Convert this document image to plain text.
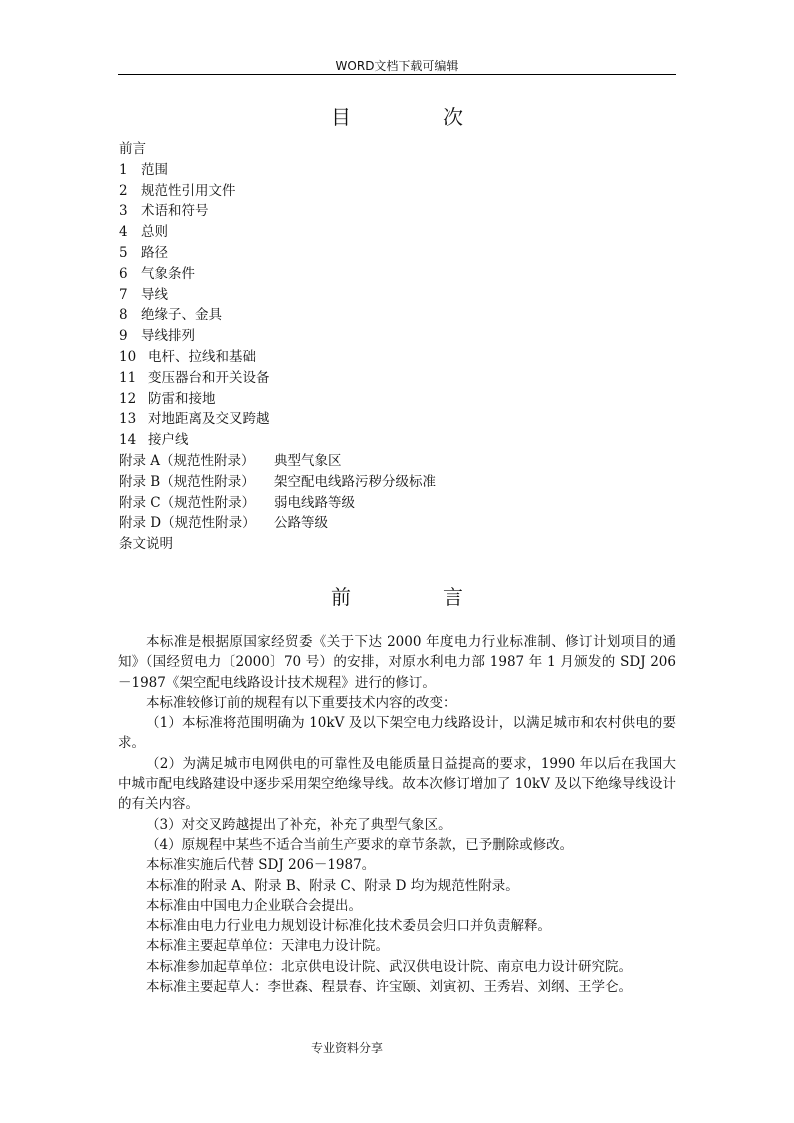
WORD文档下载可编辑
目　次
前言
1 范围
2 规范性引用文件
3 术语和符号
4 总则
5 路径
6 气象条件
7 导线
8 绝缘子、金具
9 导线排列
10 电杆、拉线和基础
11 变压器台和开关设备
12 防雷和接地
13 对地距离及交叉跨越
14 接户线
附录 A（规范性附录） 典型气象区
附录 B（规范性附录） 架空配电线路污秽分级标准
附录 C（规范性附录） 弱电线路等级
附录 D（规范性附录） 公路等级
条文说明
前　言

本标准是根据原国家经贸委《关于下达 2000 年度电力行业标准制、修订计划项目的通知》（国经贸电力〔2000〕70 号）的安排，对原水利电力部 1987 年 1 月颁发的 SDJ 206－1987《架空配电线路设计技术规程》进行的修订。

本标准较修订前的规程有以下重要技术内容的改变：

（1）本标准将范围明确为 10kV 及以下架空电力线路设计，以满足城市和农村供电的要求。

（2）为满足城市电网供电的可靠性及电能质量日益提高的要求，1990 年以后在我国大中城市配电线路建设中逐步采用架空绝缘导线。故本次修订增加了 10kV 及以下绝缘导线设计的有关内容。

（3）对交叉跨越提出了补充，补充了典型气象区。

（4）原规程中某些不适合当前生产要求的章节条款，已予删除或修改。

本标准实施后代替 SDJ 206－1987。

本标准的附录 A、附录 B、附录 C、附录 D 均为规范性附录。

本标准由中国电力企业联合会提出。

本标准由电力行业电力规划设计标准化技术委员会归口并负责解释。

本标准主要起草单位：天津电力设计院。

本标准参加起草单位：北京供电设计院、武汉供电设计院、南京电力设计研究院。

本标准主要起草人：李世森、程景春、许宝颐、刘寅初、王秀岩、刘纲、王学仑。

专业资料分享
